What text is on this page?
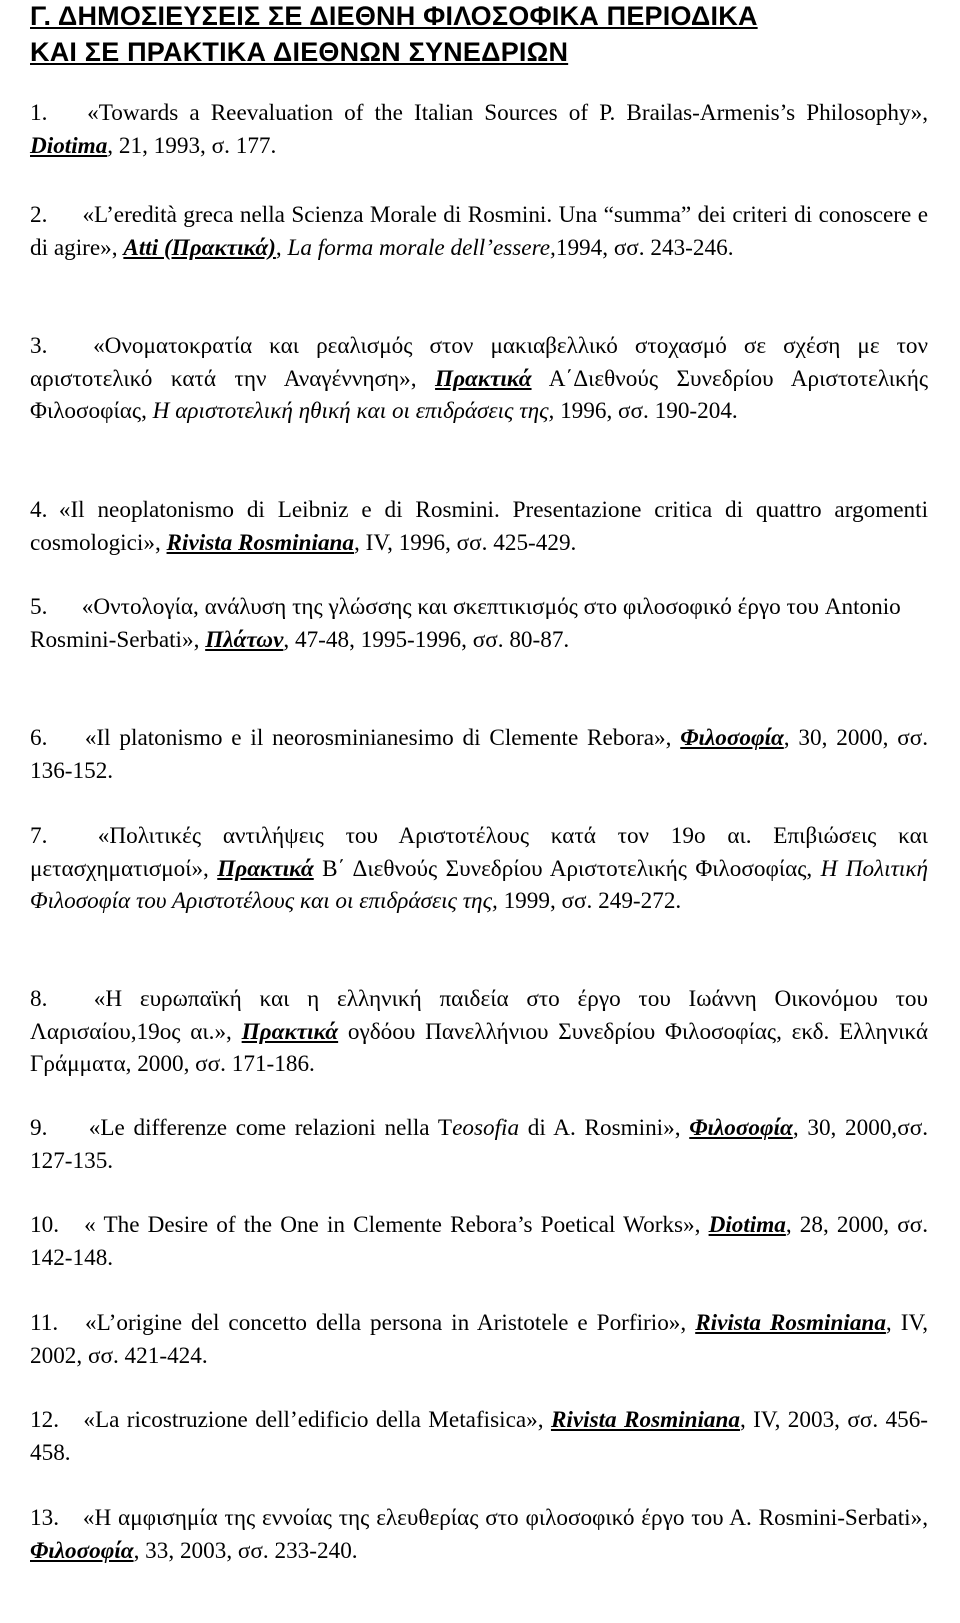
Γ. ΔΗΜΟΣΙΕΥΣΕΙΣ ΣΕ ΔΙΕΘΝΗ ΦΙΛΟΣΟΦΙΚΑ ΠΕΡΙΟΔΙΚΑ
ΚΑΙ ΣΕ ΠΡΑΚΤΙΚΑ ΔΙΕΘΝΩΝ ΣΥΝΕΔΡΙΩΝ

1. «Towards a Reevaluation of the Italian Sources of P. Brailas-Armenis’s Philosophy», Diotima, 21, 1993, σ. 177.

2. «L’eredità greca nella Scienza Morale di Rosmini. Una “summa” dei criteri di conoscere e di agire», Atti (Πρακτικά), La forma morale dell’essere,1994, σσ. 243-246.

3. «Ονοματοκρατία και ρεαλισμός στον μακιαβελλικό στοχασμό σε σχέση με τον αριστοτελικό κατά την Αναγέννηση», Πρακτικά Α΄Διεθνούς Συνεδρίου Αριστοτελικής Φιλοσοφίας, Η αριστοτελική ηθική και οι επιδράσεις της, 1996, σσ. 190-204.

4. «Il neoplatonismo di Leibniz e di Rosmini. Presentazione critica di quattro argomenti cosmologici», Rivista Rosminiana, IV, 1996, σσ. 425-429.

5. «Οντολογία, ανάλυση της γλώσσης και σκεπτικισμός στο φιλοσοφικό έργο του Antonio Rosmini-Serbati», Πλάτων, 47-48, 1995-1996, σσ. 80-87.

6. «Il platonismo e il neorosminianesimo di Clemente Rebora», Φιλοσοφία, 30, 2000, σσ. 136-152.

7. «Πολιτικές αντιλήψεις του Αριστοτέλους κατά τον 19ο αι. Επιβιώσεις και μετασχηματισμοί», Πρακτικά Β΄ Διεθνούς Συνεδρίου Αριστοτελικής Φιλοσοφίας, Η Πολιτική Φιλοσοφία του Αριστοτέλους και οι επιδράσεις της, 1999, σσ. 249-272.

8. «Η ευρωπαϊκή και η ελληνική παιδεία στο έργο του Ιωάννη Οικονόμου του Λαρισαίου,19ος αι.», Πρακτικά ογδόου Πανελλήνιου Συνεδρίου Φιλοσοφίας, εκδ. Ελληνικά Γράμματα, 2000, σσ. 171-186.

9. «Le differenze come relazioni nella Teosofia di A. Rosmini», Φιλοσοφία, 30, 2000,σσ. 127-135.

10. « The Desire of the One in Clemente Rebora’s Poetical Works», Diotima, 28, 2000, σσ. 142-148.

11. «L’origine del concetto della persona in Aristotele e Porfirio», Rivista Rosminiana, IV, 2002, σσ. 421-424.

12. «La ricostruzione dell’edificio della Metafisica», Rivista Rosminiana, IV, 2003, σσ. 456-458.

13. «Η αμφισημία της εννοίας της ελευθερίας στο φιλοσοφικό έργο του Α. Rosmini-Serbati», Φιλοσοφία, 33, 2003, σσ. 233-240.
